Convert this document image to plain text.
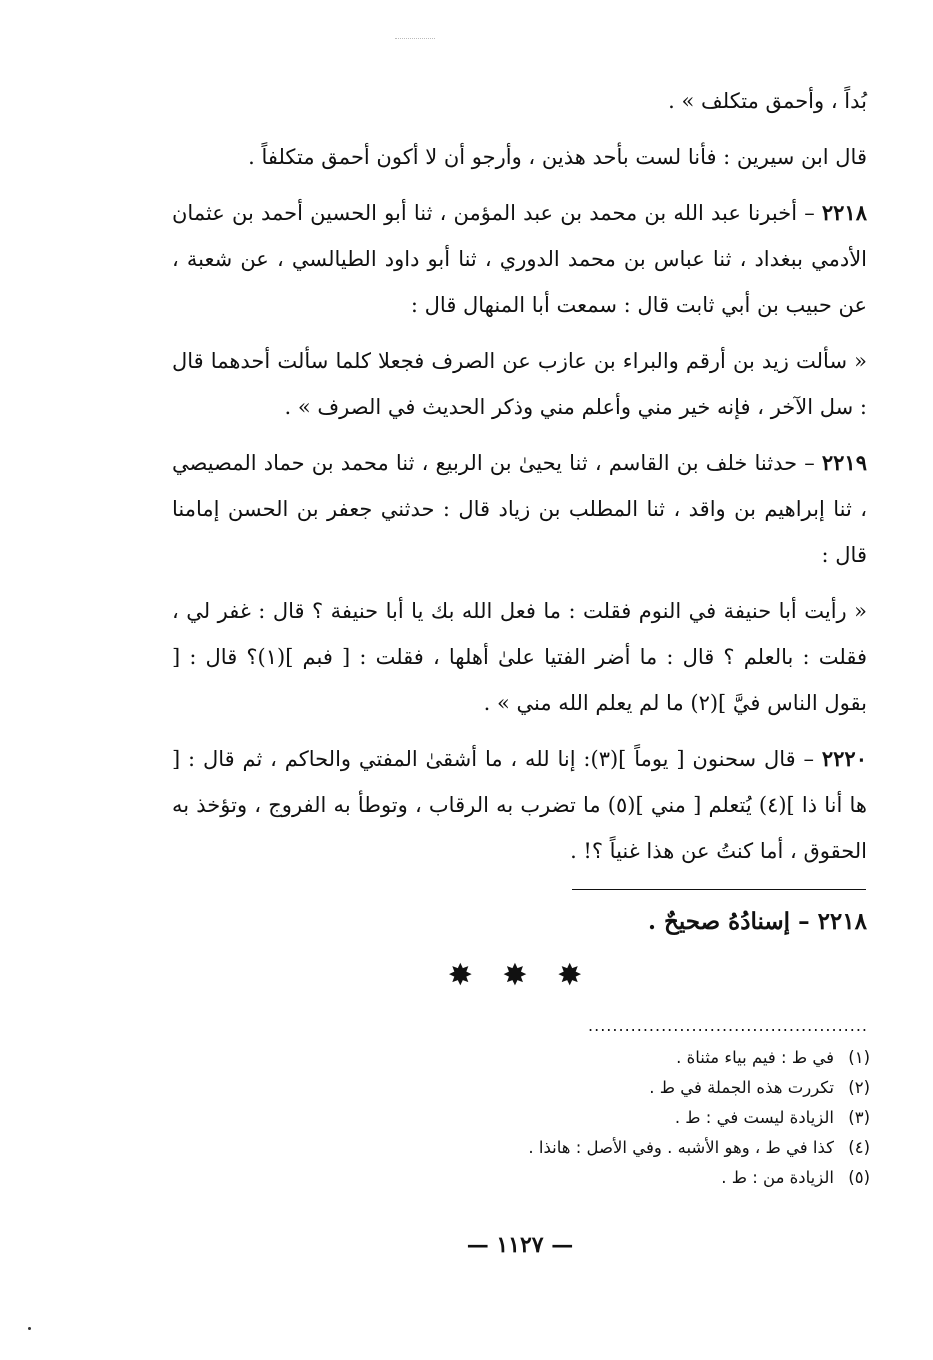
بُداً ، وأحمق متكلف » .

قال ابن سيرين : فأنا لست بأحد هذين ، وأرجو أن لا أكون أحمق متكلفاً .

٢٢١٨ – أخبرنا عبد الله بن محمد بن عبد المؤمن ، ثنا أبو الحسين أحمد بن عثمان الأدمي ببغداد ، ثنا عباس بن محمد الدوري ، ثنا أبو داود الطيالسي ، عن شعبة ، عن حبيب بن أبي ثابت قال : سمعت أبا المنهال قال :

« سألت زيد بن أرقم والبراء بن عازب عن الصرف فجعلا كلما سألت أحدهما قال : سل الآخر ، فإنه خير مني وأعلم مني وذكر الحديث في الصرف » .

٢٢١٩ – حدثنا خلف بن القاسم ، ثنا يحيىٰ بن الربيع ، ثنا محمد بن حماد المصيصي ، ثنا إبراهيم بن واقد ، ثنا المطلب بن زياد قال : حدثني جعفر بن الحسن إمامنا قال :

« رأيت أبا حنيفة في النوم فقلت : ما فعل الله بك يا أبا حنيفة ؟ قال : غفر لي ، فقلت : بالعلم ؟ قال : ما أضر الفتيا علىٰ أهلها ، فقلت : [ فبم ](١)؟ قال : [ بقول الناس فيَّ ](٢) ما لم يعلم الله مني » .

٢٢٢٠ – قال سحنون [ يوماً ](٣): إنا لله ، ما أشقىٰ المفتي والحاكم ، ثم قال : [ ها أنا ذا ](٤) يُتعلم [ مني ](٥) ما تضرب به الرقاب ، وتوطأ به الفروج ، وتؤخذ به الحقوق ، أما كنتُ عن هذا غنياً ؟! .

٢٢١٨ – إسنادُهُ صحيحٌ .
✸ ✸ ✸
..............................................
(١)
في ط : فيم بياء مثناة .
(٢)
تكررت هذه الجملة في ط .
(٣)
الزيادة ليست في : ط .
(٤)
كذا في ط ، وهو الأشبه . وفي الأصل : هانذا .
(٥)
الزيادة من : ط .
— ١١٢٧ —
